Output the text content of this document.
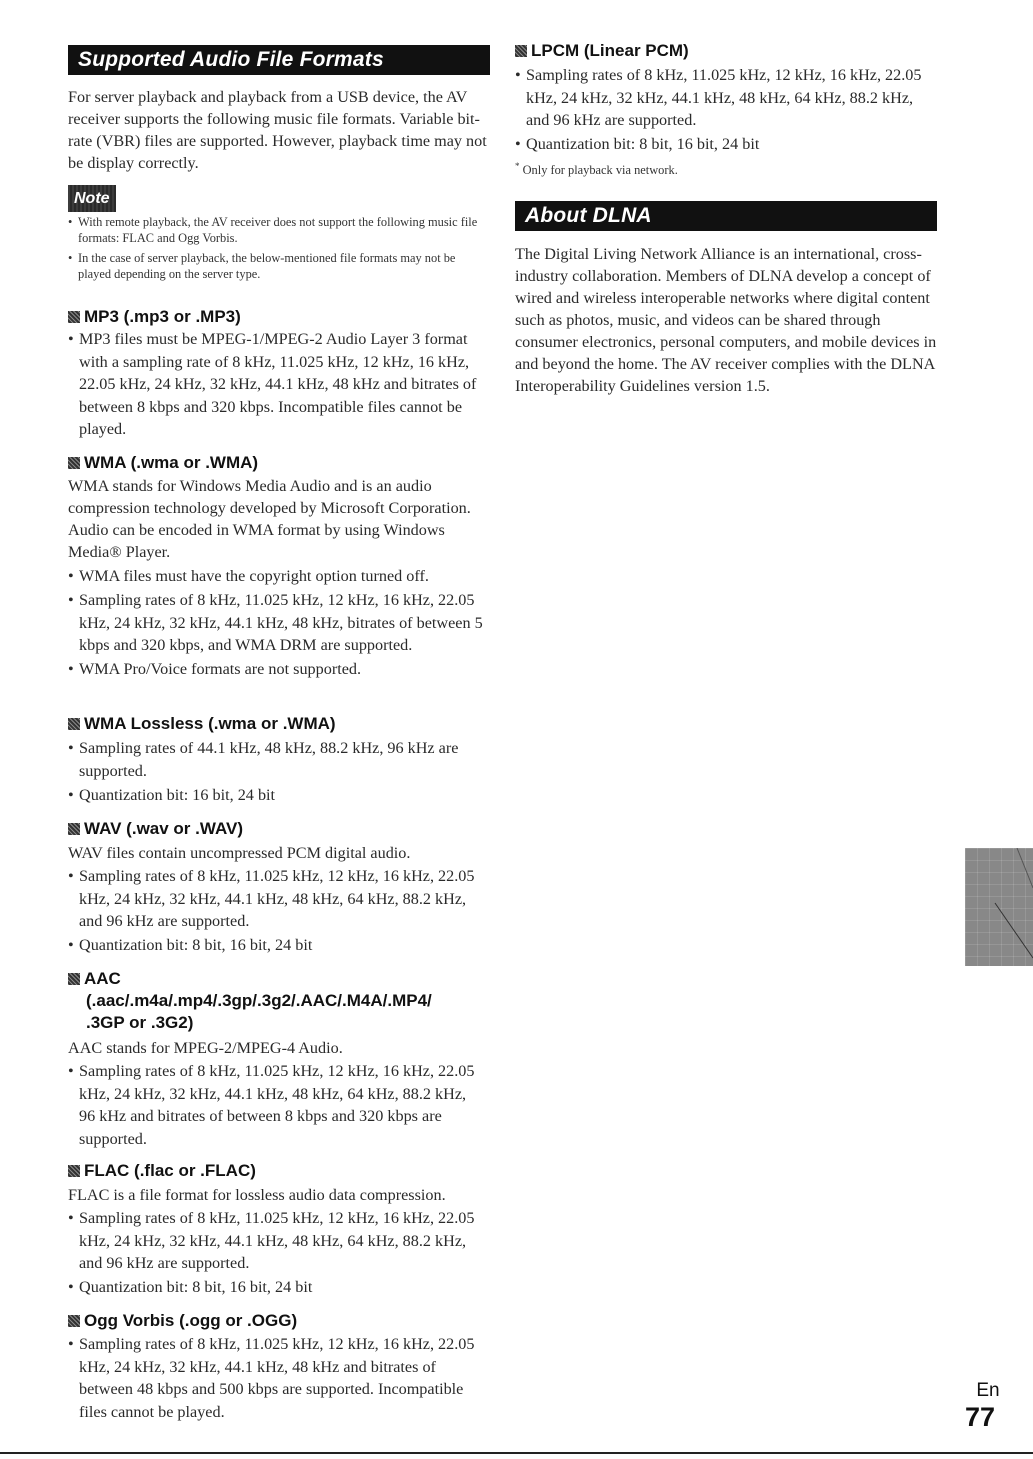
Supported Audio File Formats

For server playback and playback from a USB device, the AV receiver supports the following music file formats. Variable bit-rate (VBR) files are supported. However, playback time may not be display correctly.

Note
• With remote playback, the AV receiver does not support the following music file formats: FLAC and Ogg Vorbis.
• In the case of server playback, the below-mentioned file formats may not be played depending on the server type.
MP3 (.mp3 or .MP3)
• MP3 files must be MPEG-1/MPEG-2 Audio Layer 3 format with a sampling rate of 8 kHz, 11.025 kHz, 12 kHz, 16 kHz, 22.05 kHz, 24 kHz, 32 kHz, 44.1 kHz, 48 kHz and bitrates of between 8 kbps and 320 kbps. Incompatible files cannot be played.
WMA (.wma or .WMA)

WMA stands for Windows Media Audio and is an audio compression technology developed by Microsoft Corporation. Audio can be encoded in WMA format by using Windows Media® Player.

• WMA files must have the copyright option turned off.
• Sampling rates of 8 kHz, 11.025 kHz, 12 kHz, 16 kHz, 22.05 kHz, 24 kHz, 32 kHz, 44.1 kHz, 48 kHz, bitrates of between 5 kbps and 320 kbps, and WMA DRM are supported.
• WMA Pro/Voice formats are not supported.
WMA Lossless (.wma or .WMA)
• Sampling rates of 44.1 kHz, 48 kHz, 88.2 kHz, 96 kHz are supported.
• Quantization bit: 16 bit, 24 bit
WAV (.wav or .WAV)

WAV files contain uncompressed PCM digital audio.

• Sampling rates of 8 kHz, 11.025 kHz, 12 kHz, 16 kHz, 22.05 kHz, 24 kHz, 32 kHz, 44.1 kHz, 48 kHz, 64 kHz, 88.2 kHz, and 96 kHz are supported.
• Quantization bit: 8 bit, 16 bit, 24 bit
AAC
(.aac/.m4a/.mp4/.3gp/.3g2/.AAC/.M4A/.MP4/
.3GP or .3G2)

AAC stands for MPEG-2/MPEG-4 Audio.

• Sampling rates of 8 kHz, 11.025 kHz, 12 kHz, 16 kHz, 22.05 kHz, 24 kHz, 32 kHz, 44.1 kHz, 48 kHz, 64 kHz, 88.2 kHz, 96 kHz and bitrates of between 8 kbps and 320 kbps are supported.
FLAC (.flac or .FLAC)

FLAC is a file format for lossless audio data compression.

• Sampling rates of 8 kHz, 11.025 kHz, 12 kHz, 16 kHz, 22.05 kHz, 24 kHz, 32 kHz, 44.1 kHz, 48 kHz, 64 kHz, 88.2 kHz, and 96 kHz are supported.
• Quantization bit: 8 bit, 16 bit, 24 bit
Ogg Vorbis (.ogg or .OGG)
• Sampling rates of 8 kHz, 11.025 kHz, 12 kHz, 16 kHz, 22.05 kHz, 24 kHz, 32 kHz, 44.1 kHz, 48 kHz and bitrates of between 48 kbps and 500 kbps are supported. Incompatible files cannot be played.
LPCM (Linear PCM)
• Sampling rates of 8 kHz, 11.025 kHz, 12 kHz, 16 kHz, 22.05 kHz, 24 kHz, 32 kHz, 44.1 kHz, 48 kHz, 64 kHz, 88.2 kHz, and 96 kHz are supported.
• Quantization bit: 8 bit, 16 bit, 24 bit

* Only for playback via network.

About DLNA

The Digital Living Network Alliance is an international, cross-industry collaboration. Members of DLNA develop a concept of wired and wireless interoperable networks where digital content such as photos, music, and videos can be shared through consumer electronics, personal computers, and mobile devices in and beyond the home. The AV receiver complies with the DLNA Interoperability Guidelines version 1.5.

En
77
